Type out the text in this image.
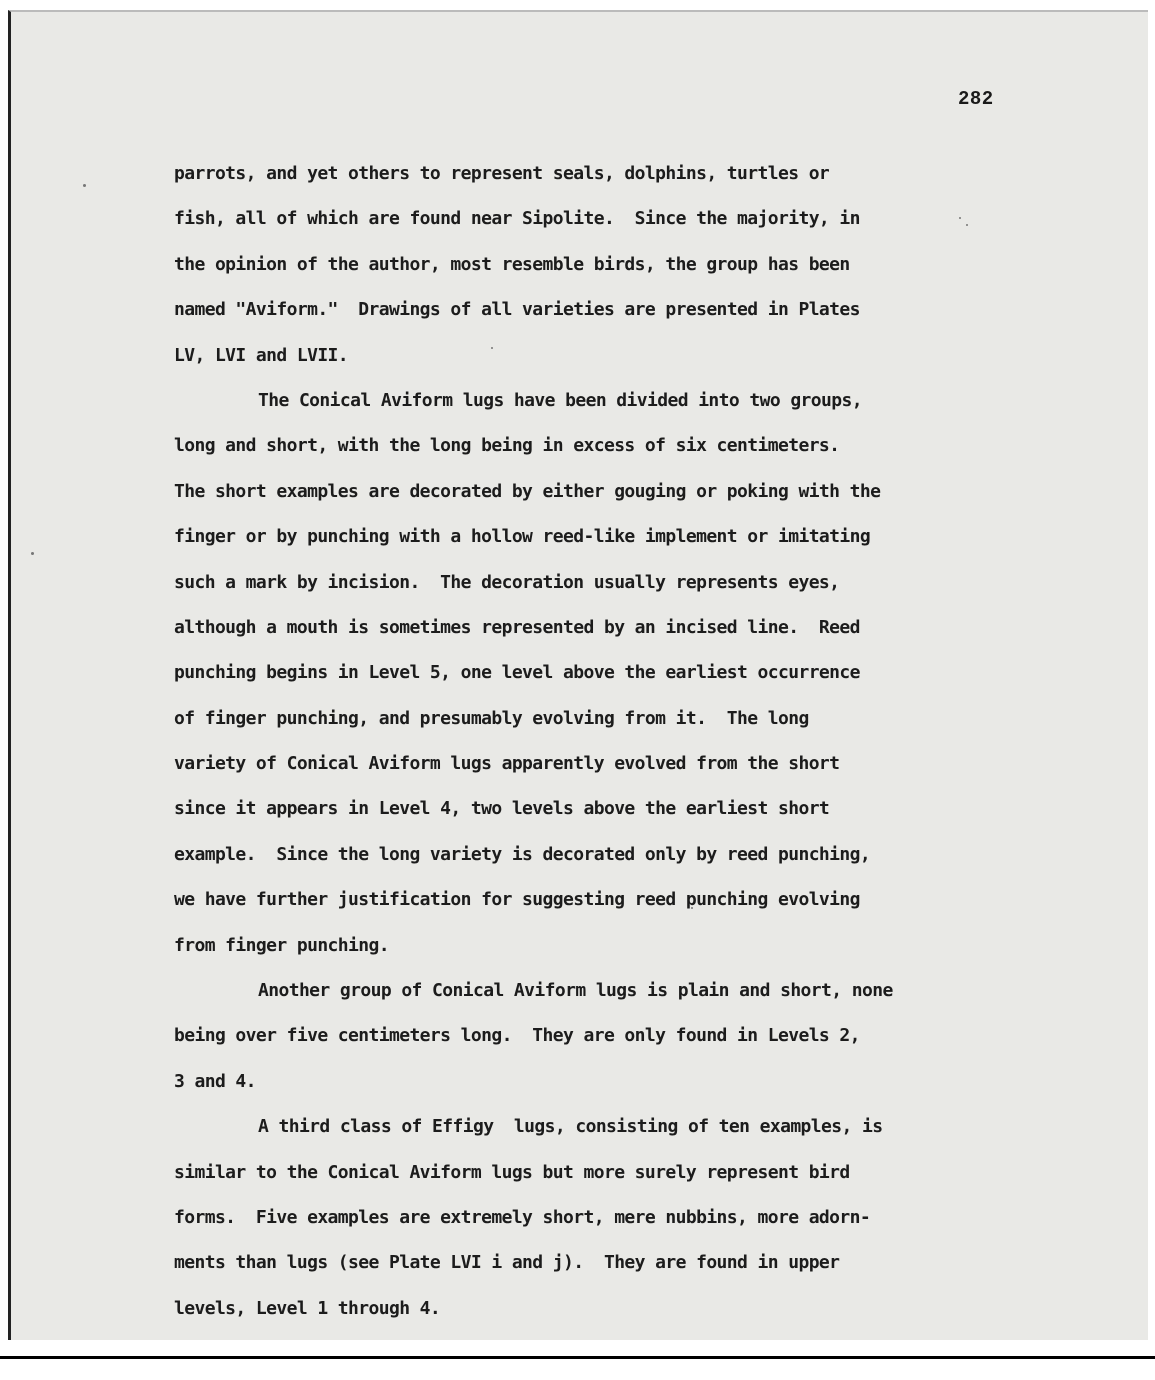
282
parrots, and yet others to represent seals, dolphins, turtles or
fish, all of which are found near Sipolite.  Since the majority, in
the opinion of the author, most resemble birds, the group has been
named "Aviform."  Drawings of all varieties are presented in Plates
LV, LVI and LVII.
The Conical Aviform lugs have been divided into two groups,
long and short, with the long being in excess of six centimeters.
The short examples are decorated by either gouging or poking with the
finger or by punching with a hollow reed-like implement or imitating
such a mark by incision.  The decoration usually represents eyes,
although a mouth is sometimes represented by an incised line.  Reed
punching begins in Level 5, one level above the earliest occurrence
of finger punching, and presumably evolving from it.  The long
variety of Conical Aviform lugs apparently evolved from the short
since it appears in Level 4, two levels above the earliest short
example.  Since the long variety is decorated only by reed punching,
we have further justification for suggesting reed punching evolving
from finger punching.
Another group of Conical Aviform lugs is plain and short, none
being over five centimeters long.  They are only found in Levels 2,
3 and 4.
A third class of Effigy  lugs, consisting of ten examples, is
similar to the Conical Aviform lugs but more surely represent bird
forms.  Five examples are extremely short, mere nubbins, more adorn-
ments than lugs (see Plate LVI i and j).  They are found in upper
levels, Level 1 through 4.
